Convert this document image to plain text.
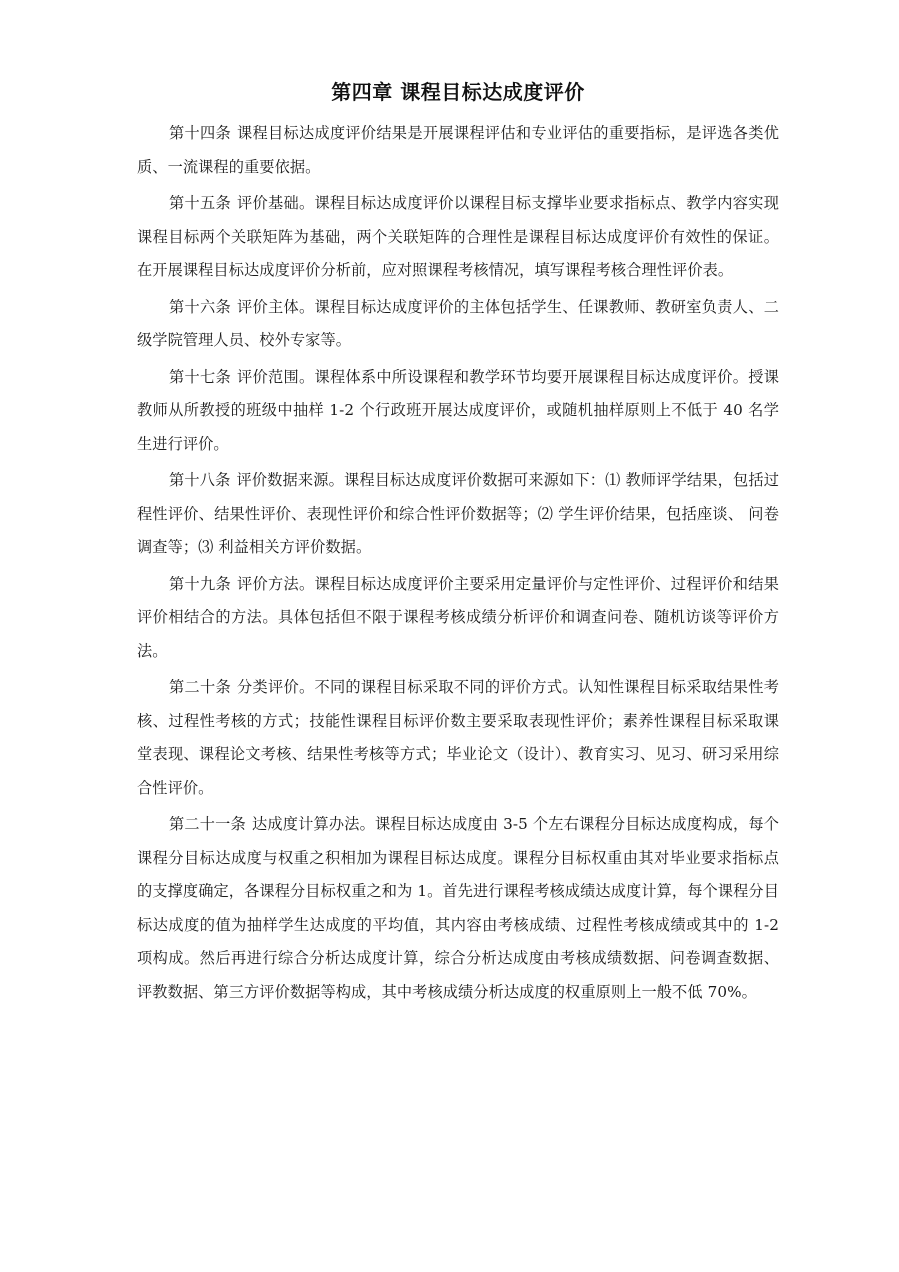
第四章 课程目标达成度评价

第十四条 课程目标达成度评价结果是开展课程评估和专业评估的重要指标，是评选各类优质、一流课程的重要依据。

第十五条 评价基础。课程目标达成度评价以课程目标支撑毕业要求指标点、教学内容实现课程目标两个关联矩阵为基础，两个关联矩阵的合理性是课程目标达成度评价有效性的保证。在开展课程目标达成度评价分析前，应对照课程考核情况，填写课程考核合理性评价表。

第十六条 评价主体。课程目标达成度评价的主体包括学生、任课教师、教研室负责人、二级学院管理人员、校外专家等。

第十七条 评价范围。课程体系中所设课程和教学环节均要开展课程目标达成度评价。授课教师从所教授的班级中抽样 1-2 个行政班开展达成度评价，或随机抽样原则上不低于 40 名学生进行评价。

第十八条 评价数据来源。课程目标达成度评价数据可来源如下：⑴ 教师评学结果，包括过程性评价、结果性评价、表现性评价和综合性评价数据等；⑵ 学生评价结果，包括座谈、 问卷调查等；⑶ 利益相关方评价数据。

第十九条 评价方法。课程目标达成度评价主要采用定量评价与定性评价、过程评价和结果评价相结合的方法。具体包括但不限于课程考核成绩分析评价和调查问卷、随机访谈等评价方法。

第二十条 分类评价。不同的课程目标采取不同的评价方式。认知性课程目标采取结果性考核、过程性考核的方式；技能性课程目标评价数主要采取表现性评价；素养性课程目标采取课堂表现、课程论文考核、结果性考核等方式；毕业论文（设计）、教育实习、见习、研习采用综合性评价。

第二十一条 达成度计算办法。课程目标达成度由 3-5 个左右课程分目标达成度构成，每个课程分目标达成度与权重之积相加为课程目标达成度。课程分目标权重由其对毕业要求指标点的支撑度确定，各课程分目标权重之和为 1。首先进行课程考核成绩达成度计算，每个课程分目标达成度的值为抽样学生达成度的平均值，其内容由考核成绩、过程性考核成绩或其中的 1-2 项构成。然后再进行综合分析达成度计算，综合分析达成度由考核成绩数据、问卷调查数据、评教数据、第三方评价数据等构成，其中考核成绩分析达成度的权重原则上一般不低 70%。
